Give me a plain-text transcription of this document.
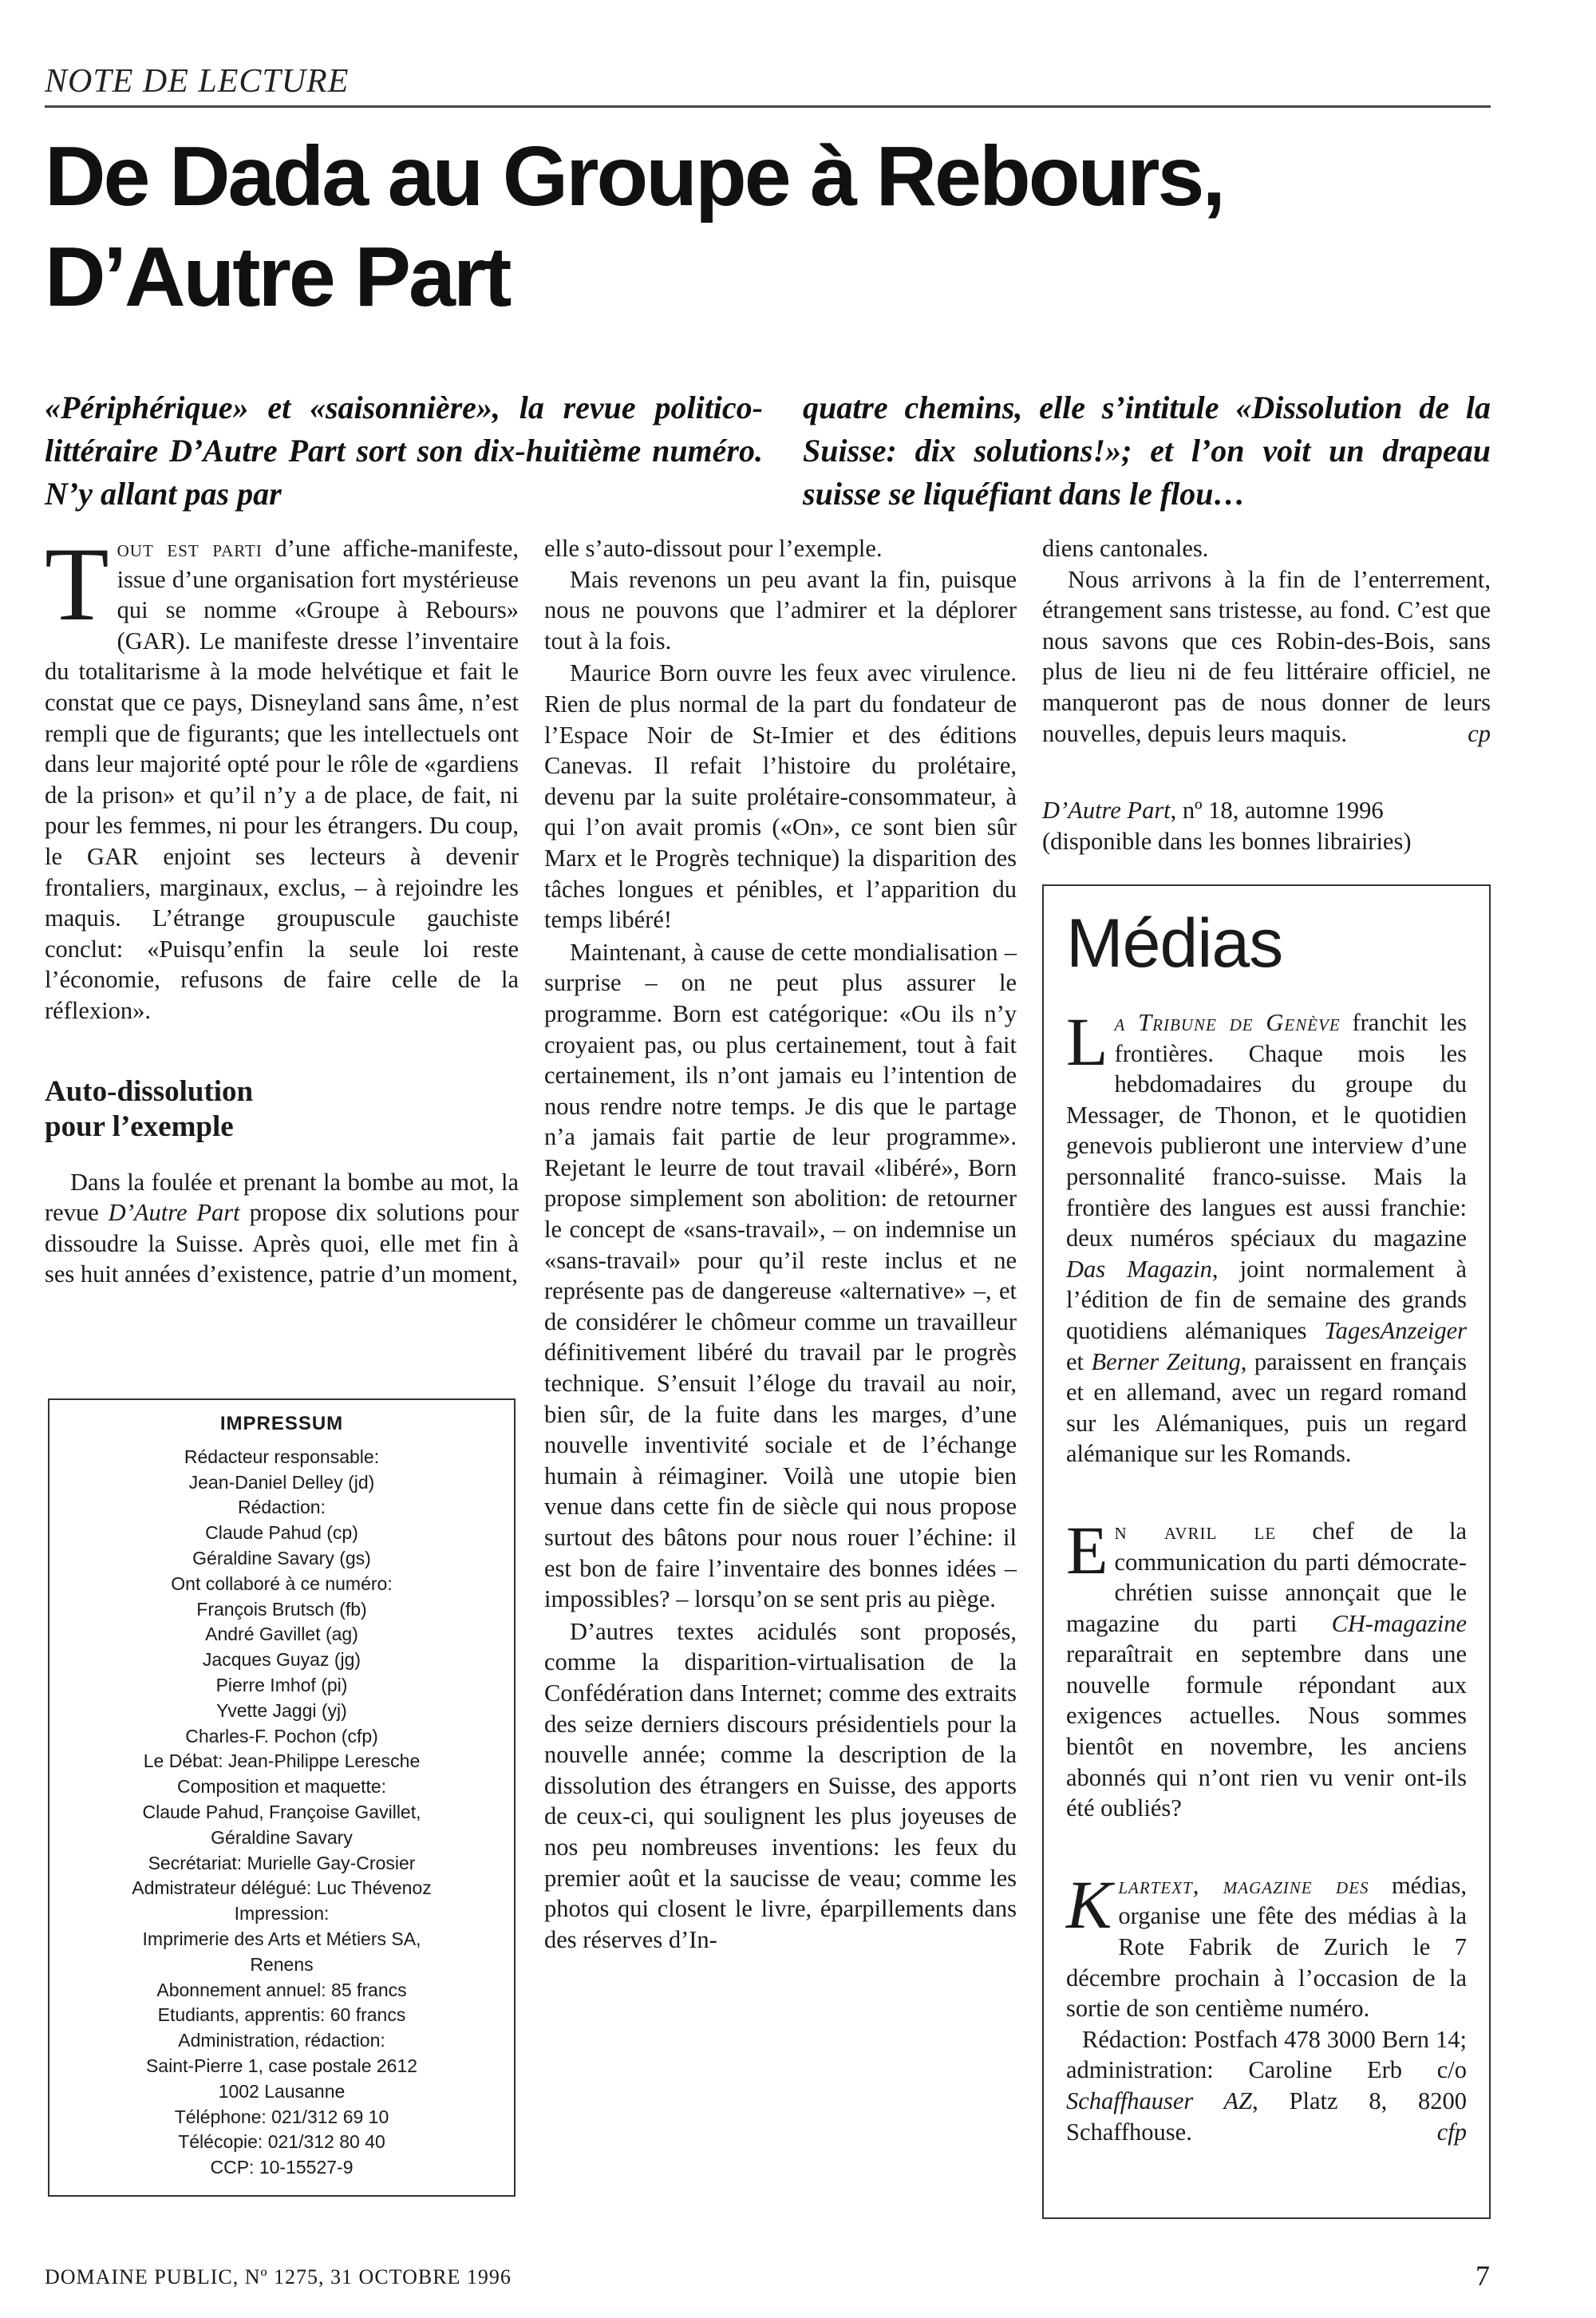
NOTE DE LECTURE
De Dada au Groupe à Rebours,
D’Autre Part
«Périphérique» et «saisonnière», la revue politico-littéraire D’Autre Part sort son dix-huitième numéro. N’y allant pas par
quatre chemins, elle s’intitule «Dissolution de la Suisse: dix solutions!»; et l’on voit un drapeau suisse se liquéfiant dans le flou…

Tout est parti d’une affiche-manifeste, issue d’une organisation fort mystérieuse qui se nomme «Groupe à Rebours» (GAR). Le manifeste dresse l’inventaire du totalitarisme à la mode helvétique et fait le constat que ce pays, Disneyland sans âme, n’est rempli que de figurants; que les intellectuels ont dans leur majorité opté pour le rôle de «gardiens de la prison» et qu’il n’y a de place, de fait, ni pour les femmes, ni pour les étrangers. Du coup, le GAR enjoint ses lecteurs à devenir frontaliers, marginaux, exclus, – à rejoindre les maquis. L’étrange groupuscule gauchiste conclut: «Puisqu’enfin la seule loi reste l’économie, refusons de faire celle de la réflexion».

Auto-dissolution
pour l’exemple

Dans la foulée et prenant la bombe au mot, la revue D’Autre Part propose dix solutions pour dissoudre la Suisse. Après quoi, elle met fin à ses huit années d’existence, patrie d’un moment,

IMPRESSUM
Rédacteur responsable:
Jean-Daniel Delley (jd)
Rédaction:
Claude Pahud (cp)
Géraldine Savary (gs)
Ont collaboré à ce numéro:
François Brutsch (fb)
André Gavillet (ag)
Jacques Guyaz (jg)
Pierre Imhof (pi)
Yvette Jaggi (yj)
Charles-F. Pochon (cfp)
Le Débat: Jean-Philippe Leresche
Composition et maquette:
Claude Pahud, Françoise Gavillet,
Géraldine Savary
Secrétariat: Murielle Gay-Crosier
Admistrateur délégué: Luc Thévenoz
Impression:
Imprimerie des Arts et Métiers SA,
Renens
Abonnement annuel: 85 francs
Etudiants, apprentis: 60 francs
Administration, rédaction:
Saint-Pierre 1, case postale 2612
1002 Lausanne
Téléphone: 021/312 69 10
Télécopie: 021/312 80 40
CCP: 10-15527-9

elle s’auto-dissout pour l’exemple.

Mais revenons un peu avant la fin, puisque nous ne pouvons que l’admirer et la déplorer tout à la fois.

Maurice Born ouvre les feux avec virulence. Rien de plus normal de la part du fondateur de l’Espace Noir de St-Imier et des éditions Canevas. Il refait l’histoire du prolétaire, devenu par la suite prolétaire-consommateur, à qui l’on avait promis («On», ce sont bien sûr Marx et le Progrès technique) la disparition des tâches longues et pénibles, et l’apparition du temps libéré!

Maintenant, à cause de cette mondialisation – surprise – on ne peut plus assurer le programme. Born est catégorique: «Ou ils n’y croyaient pas, ou plus certainement, tout à fait certainement, ils n’ont jamais eu l’intention de nous rendre notre temps. Je dis que le partage n’a jamais fait partie de leur programme». Rejetant le leurre de tout travail «libéré», Born propose simplement son abolition: de retourner le concept de «sans-travail», – on indemnise un «sans-travail» pour qu’il reste inclus et ne représente pas de dangereuse «alternative» –, et de considérer le chômeur comme un travailleur définitivement libéré du travail par le progrès technique. S’ensuit l’éloge du travail au noir, bien sûr, de la fuite dans les marges, d’une nouvelle inventivité sociale et de l’échange humain à réimaginer. Voilà une utopie bien venue dans cette fin de siècle qui nous propose surtout des bâtons pour nous rouer l’échine: il est bon de faire l’inventaire des bonnes idées – impossibles? – lorsqu’on se sent pris au piège.

D’autres textes acidulés sont proposés, comme la disparition-virtualisation de la Confédération dans Internet; comme des extraits des seize derniers discours présidentiels pour la nouvelle année; comme la description de la dissolution des étrangers en Suisse, des apports de ceux-ci, qui soulignent les plus joyeuses de nos peu nombreuses inventions: les feux du premier août et la saucisse de veau; comme les photos qui closent le livre, éparpillements dans des réserves d’In-

diens cantonales.

Nous arrivons à la fin de l’enterrement, étrangement sans tristesse, au fond. C’est que nous savons que ces Robin-des-Bois, sans plus de lieu ni de feu littéraire officiel, ne manqueront pas de nous donner de leurs nouvelles, depuis leurs maquis.	cp

D’Autre Part, nº 18, automne 1996
(disponible dans les bonnes librairies)
Médias

La Tribune de Genève franchit les frontières. Chaque mois les hebdomadaires du groupe du Messager, de Thonon, et le quotidien genevois publieront une interview d’une personnalité franco-suisse. Mais la frontière des langues est aussi franchie: deux numéros spéciaux du magazine Das Magazin, joint normalement à l’édition de fin de semaine des grands quotidiens alémaniques TagesAnzeiger et Berner Zeitung, paraissent en français et en allemand, avec un regard romand sur les Alémaniques, puis un regard alémanique sur les Romands.

En avril le chef de la communication du parti démocrate-chrétien suisse annonçait que le magazine du parti CH-magazine reparaîtrait en septembre dans une nouvelle formule répondant aux exigences actuelles. Nous sommes bientôt en novembre, les anciens abonnés qui n’ont rien vu venir ont-ils été oubliés?

Klartext, magazine des médias, organise une fête des médias à la Rote Fabrik de Zurich le 7 décembre prochain à l’occasion de la sortie de son centième numéro.

Rédaction: Postfach 478 3000 Bern 14; administration: Caroline Erb c/o Schaffhauser AZ, Platz 8, 8200 Schaffhouse.	cfp

DOMAINE PUBLIC, Nº 1275, 31 OCTOBRE 1996	7
